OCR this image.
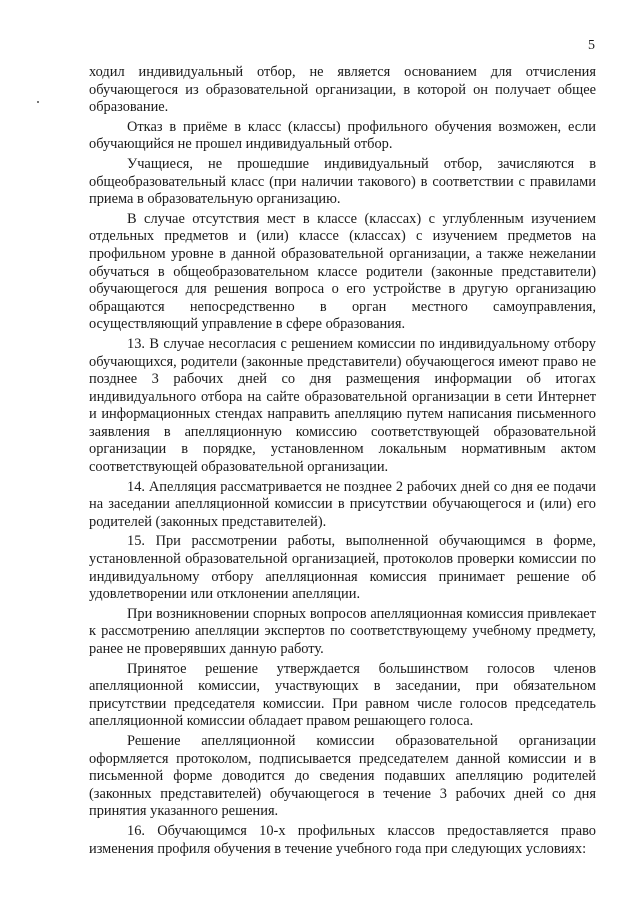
5

ходил индивидуальный отбор, не является основанием для отчисления обучающегося из образовательной организации, в которой он получает общее образование.

Отказ в приёме в класс (классы) профильного обучения возможен, если обучающийся не прошел индивидуальный отбор.

Учащиеся, не прошедшие индивидуальный отбор, зачисляются в общеобразовательный класс (при наличии такового) в соответствии с правилами приема в образовательную организацию.

В случае отсутствия мест в классе (классах) с углубленным изучением отдельных предметов и (или) классе (классах) с изучением предметов на профильном уровне в данной образовательной организации, а также нежелании обучаться в общеобразовательном классе родители (законные представители) обучающегося для решения вопроса о его устройстве в другую организацию обращаются непосредственно в орган местного самоуправления, осуществляющий управление в сфере образования.

13. В случае несогласия с решением комиссии по индивидуальному отбору обучающихся, родители (законные представители) обучающегося имеют право не позднее 3 рабочих дней со дня размещения информации об итогах индивидуального отбора на сайте образовательной организации в сети Интернет и информационных стендах направить апелляцию путем написания письменного заявления в апелляционную комиссию соответствующей образовательной организации в порядке, установленном локальным нормативным актом соответствующей образовательной организации.

14. Апелляция рассматривается не позднее 2 рабочих дней со дня ее подачи на заседании апелляционной комиссии в присутствии обучающегося и (или) его родителей (законных представителей).

15. При рассмотрении работы, выполненной обучающимся в форме, установленной образовательной организацией, протоколов проверки комиссии по индивидуальному отбору апелляционная комиссия принимает решение об удовлетворении или отклонении апелляции.

При возникновении спорных вопросов апелляционная комиссия привлекает к рассмотрению апелляции экспертов по соответствующему учебному предмету, ранее не проверявших данную работу.

Принятое решение утверждается большинством голосов членов апелляционной комиссии, участвующих в заседании, при обязательном присутствии председателя комиссии. При равном числе голосов председатель апелляционной комиссии обладает правом решающего голоса.

Решение апелляционной комиссии образовательной организации оформляется протоколом, подписывается председателем данной комиссии и в письменной форме доводится до сведения подавших апелляцию родителей (законных представителей) обучающегося в течение 3 рабочих дней со дня принятия указанного решения.

16. Обучающимся 10-х профильных классов предоставляется право изменения профиля обучения в течение учебного года при следующих условиях:
